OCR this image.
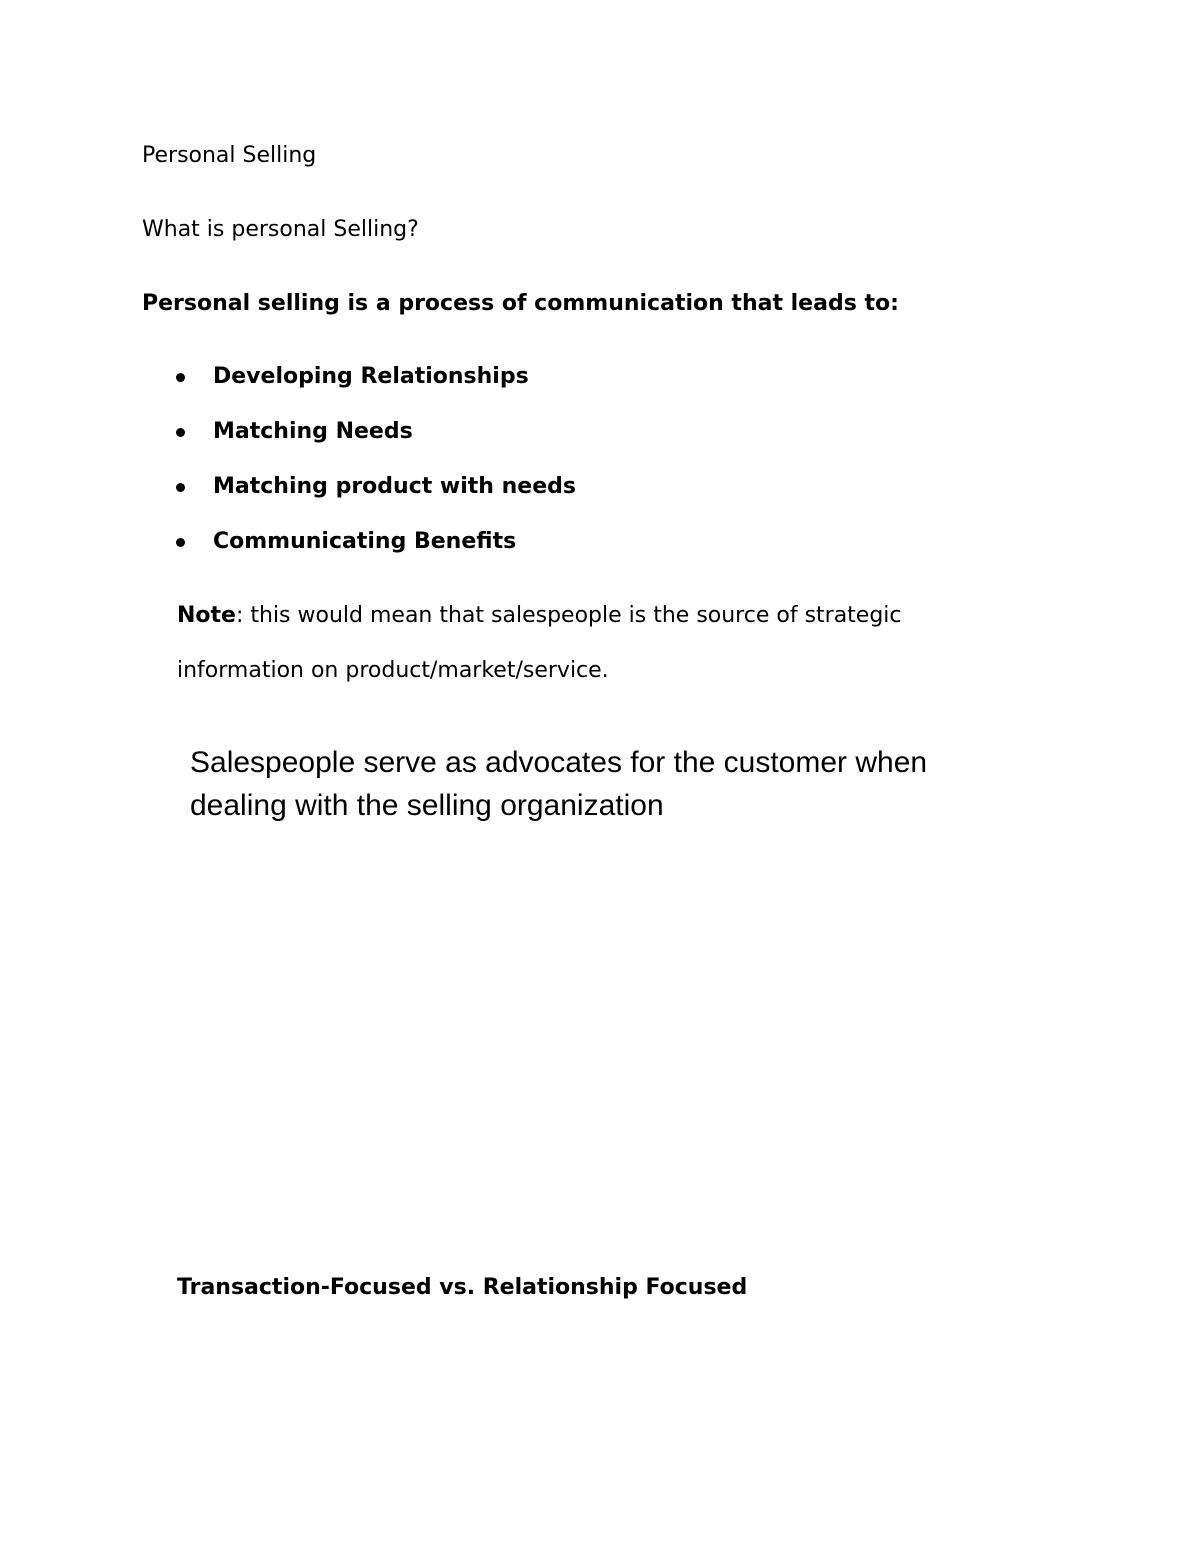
Personal Selling
What is personal Selling?
Personal selling is a process of communication that leads to:
Developing Relationships
Matching Needs
Matching product with needs
Communicating Benefits
Note: this would mean that salespeople is the source of strategic
information on product/market/service.
Salespeople serve as advocates for the customer when
dealing with the selling organization
Transaction-Focused vs. Relationship Focused
